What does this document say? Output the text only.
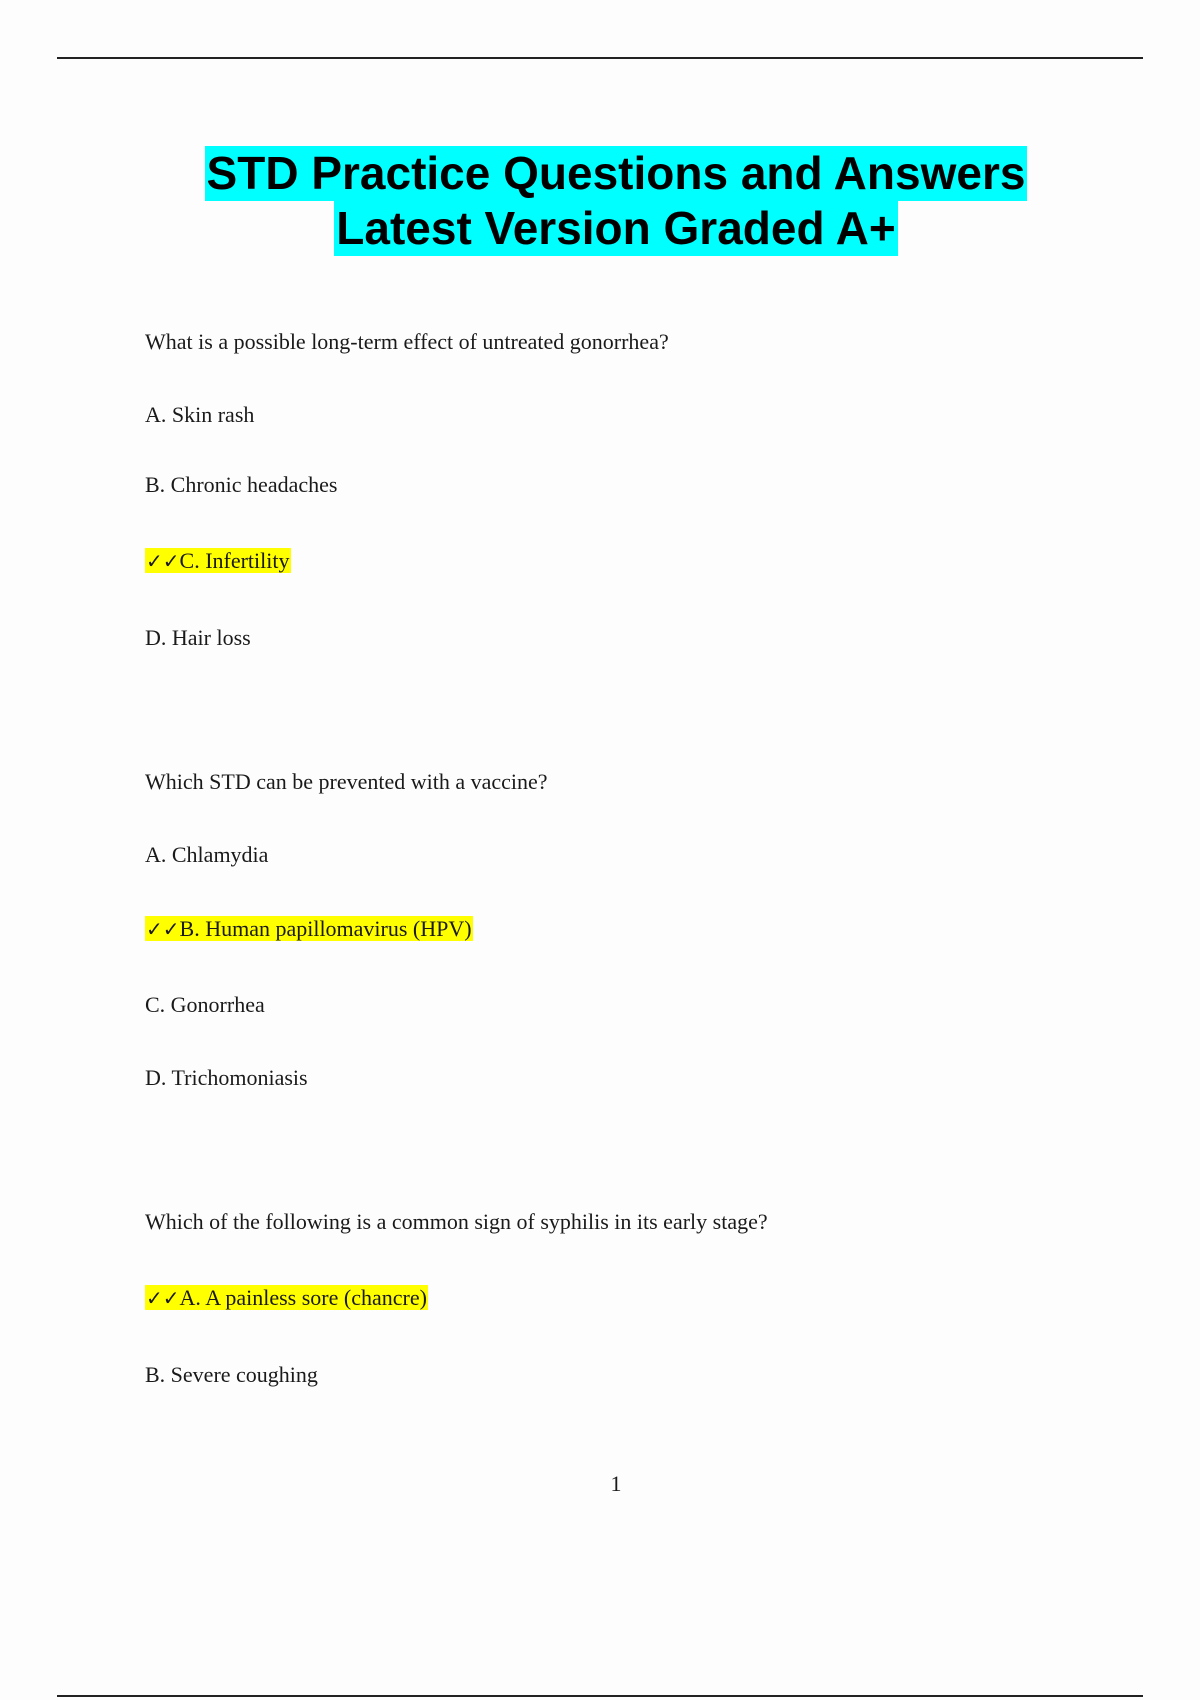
STD Practice Questions and Answers
Latest Version Graded A+
What is a possible long-term effect of untreated gonorrhea?
A. Skin rash
B. Chronic headaches
✓✓C. Infertility
D. Hair loss
Which STD can be prevented with a vaccine?
A. Chlamydia
✓✓B. Human papillomavirus (HPV)
C. Gonorrhea
D. Trichomoniasis
Which of the following is a common sign of syphilis in its early stage?
✓✓A. A painless sore (chancre)
B. Severe coughing
1
